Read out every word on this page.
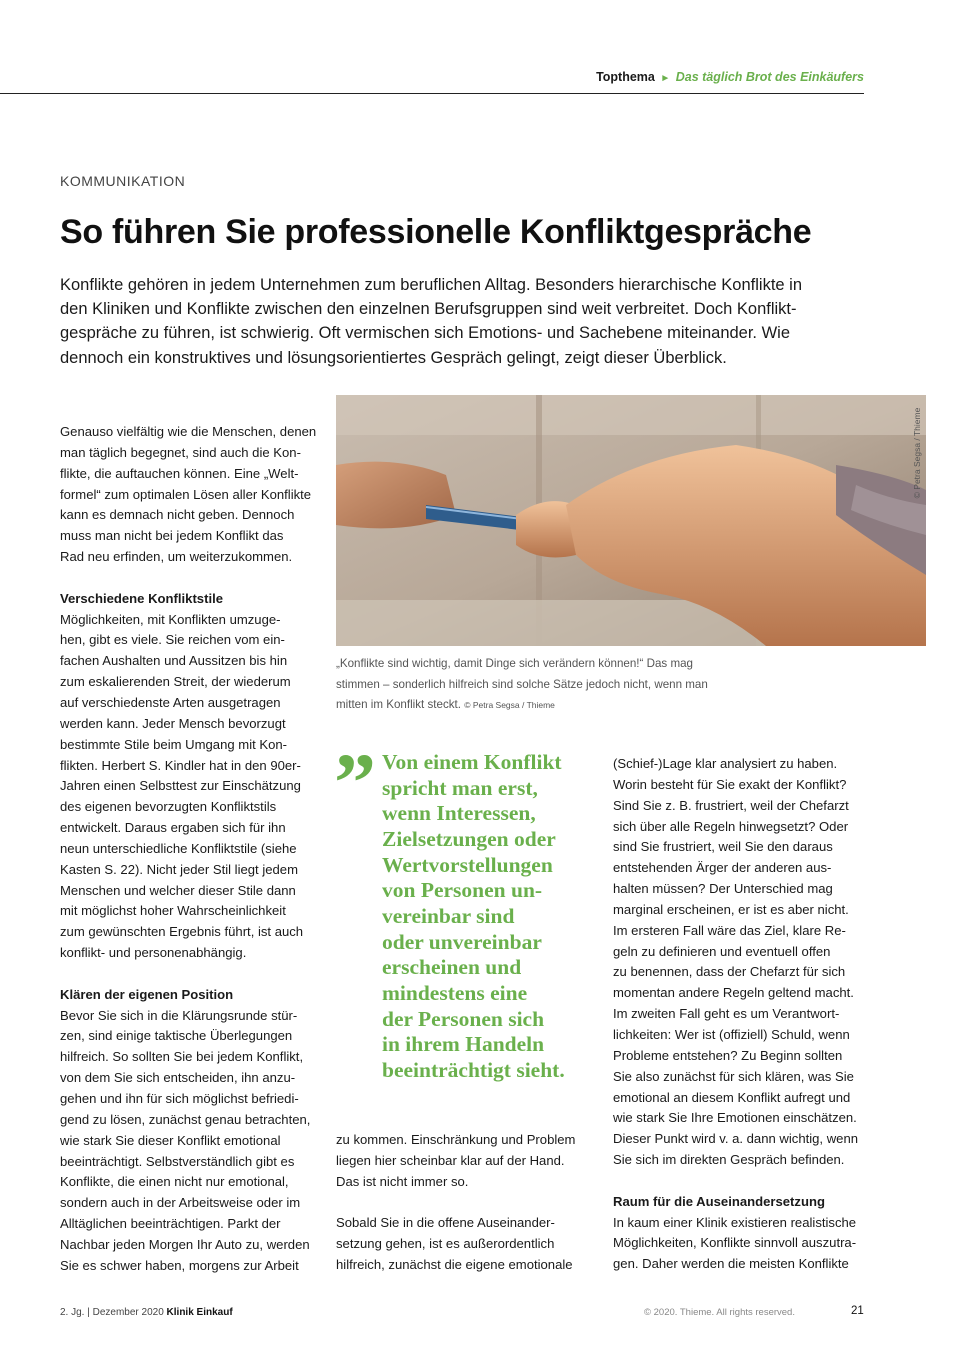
Topthema ► Das täglich Brot des Einkäufers
KOMMUNIKATION
So führen Sie professionelle Konfliktgespräche
Konflikte gehören in jedem Unternehmen zum beruflichen Alltag. Besonders hierarchische Konflikte in
den Kliniken und Konflikte zwischen den einzelnen Berufsgruppen sind weit verbreitet. Doch Konflikt-
gespräche zu führen, ist schwierig. Oft vermischen sich Emotions- und Sachebene miteinander. Wie
dennoch ein konstruktives und lösungsorientiertes Gespräch gelingt, zeigt dieser Überblick.
Genauso vielfältig wie die Menschen, denen
man täglich begegnet, sind auch die Kon-
flikte, die auftauchen können. Eine „Welt-
formel“ zum optimalen Lösen aller Konflikte
kann es demnach nicht geben. Dennoch
muss man nicht bei jedem Konflikt das
Rad neu erfinden, um weiterzukommen.
Verschiedene Konfliktstile
Möglichkeiten, mit Konflikten umzuge-
hen, gibt es viele. Sie reichen vom ein-
fachen Aushalten und Aussitzen bis hin
zum eskalierenden Streit, der wiederum
auf verschiedenste Arten ausgetragen
werden kann. Jeder Mensch bevorzugt
bestimmte Stile beim Umgang mit Kon-
flikten. Herbert S. Kindler hat in den 90er-
Jahren einen Selbsttest zur Einschätzung
des eigenen bevorzugten Konfliktstils
entwickelt. Daraus ergaben sich für ihn
neun unterschiedliche Konfliktstile (siehe
Kasten S. 22). Nicht jeder Stil liegt jedem
Menschen und welcher dieser Stile dann
mit möglichst hoher Wahrscheinlichkeit
zum gewünschten Ergebnis führt, ist auch
konflikt- und personenabhängig.
Klären der eigenen Position
Bevor Sie sich in die Klärungsrunde stür-
zen, sind einige taktische Überlegungen
hilfreich. So sollten Sie bei jedem Konflikt,
von dem Sie sich entscheiden, ihn anzu-
gehen und ihn für sich möglichst befriedi-
gend zu lösen, zunächst genau betrachten,
wie stark Sie dieser Konflikt emotional
beeinträchtigt. Selbstverständlich gibt es
Konflikte, die einen nicht nur emotional,
sondern auch in der Arbeitsweise oder im
Alltäglichen beeinträchtigen. Parkt der
Nachbar jeden Morgen Ihr Auto zu, werden
Sie es schwer haben, morgens zur Arbeit
© Petra Segsa / Thieme
„Konflikte sind wichtig, damit Dinge sich verändern können!“ Das mag
stimmen – sonderlich hilfreich sind solche Sätze jedoch nicht, wenn man
mitten im Konflikt steckt. © Petra Segsa / Thieme
” Von einem Konflikt
spricht man erst,
wenn Interessen,
Zielsetzungen oder
Wertvorstellungen
von Personen un-
vereinbar sind
oder unvereinbar
erscheinen und
mindestens eine
der Personen sich
in ihrem Handeln
beeinträchtigt sieht.
zu kommen. Einschränkung und Problem
liegen hier scheinbar klar auf der Hand.
Das ist nicht immer so.
Sobald Sie in die offene Auseinander-
setzung gehen, ist es außerordentlich
hilfreich, zunächst die eigene emotionale
(Schief-)Lage klar analysiert zu haben.
Worin besteht für Sie exakt der Konflikt?
Sind Sie z. B. frustriert, weil der Chefarzt
sich über alle Regeln hinwegsetzt? Oder
sind Sie frustriert, weil Sie den daraus
entstehenden Ärger der anderen aus-
halten müssen? Der Unterschied mag
marginal erscheinen, er ist es aber nicht.
Im ersteren Fall wäre das Ziel, klare Re-
geln zu definieren und eventuell offen
zu benennen, dass der Chefarzt für sich
momentan andere Regeln geltend macht.
Im zweiten Fall geht es um Verantwort-
lichkeiten: Wer ist (offiziell) Schuld, wenn
Probleme entstehen? Zu Beginn sollten
Sie also zunächst für sich klären, was Sie
emotional an diesem Konflikt aufregt und
wie stark Sie Ihre Emotionen einschätzen.
Dieser Punkt wird v. a. dann wichtig, wenn
Sie sich im direkten Gespräch befinden.
Raum für die Auseinandersetzung
In kaum einer Klinik existieren realistische
Möglichkeiten, Konflikte sinnvoll auszutra-
gen. Daher werden die meisten Konflikte
2. Jg. | Dezember 2020 Klinik Einkauf	© 2020. Thieme. All rights reserved.	21
